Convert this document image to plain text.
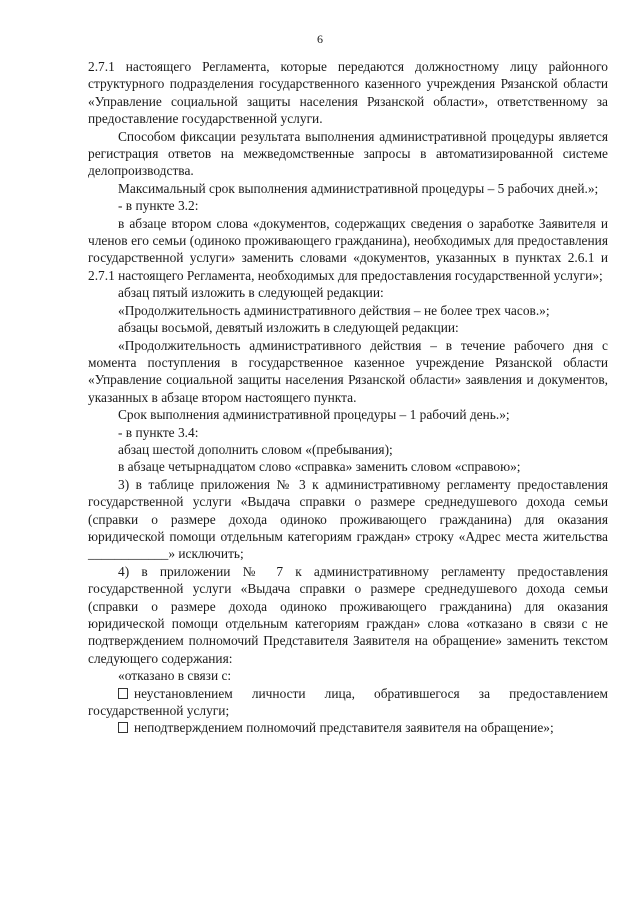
6

2.7.1 настоящего Регламента, которые передаются должностному лицу районного структурного подразделения государственного казенного учреждения Рязанской области «Управление социальной защиты населения Рязанской области», ответственному за предоставление государственной услуги.

Способом фиксации результата выполнения административной процедуры является регистрация ответов на межведомственные запросы в автоматизированной системе делопроизводства.

Максимальный срок выполнения административной процедуры – 5 рабочих дней.»;

- в пункте 3.2:

в абзаце втором слова «документов, содержащих сведения о заработке Заявителя и членов его семьи (одиноко проживающего гражданина), необходимых для предоставления государственной услуги» заменить словами «документов, указанных в пунктах 2.6.1 и 2.7.1 настоящего Регламента, необходимых для предоставления государственной услуги»;

абзац пятый изложить в следующей редакции:

«Продолжительность административного действия – не более трех часов.»;

абзацы восьмой, девятый изложить в следующей редакции:

«Продолжительность административного действия – в течение рабочего дня с момента поступления в государственное казенное учреждение Рязанской области «Управление социальной защиты населения Рязанской области» заявления и документов, указанных в абзаце втором настоящего пункта.

Срок выполнения административной процедуры – 1 рабочий день.»;

- в пункте 3.4:

абзац шестой дополнить словом «(пребывания);

в абзаце четырнадцатом слово «справка» заменить словом «справою»;

3) в таблице приложения № 3 к административному регламенту предоставления государственной услуги «Выдача справки о размере среднедушевого дохода семьи (справки о размере дохода одиноко проживающего гражданина) для оказания юридической помощи отдельным категориям граждан» строку «Адрес места жительства ____________» исключить;

4) в приложении № 7 к административному регламенту предоставления государственной услуги «Выдача справки о размере среднедушевого дохода семьи (справки о размере дохода одиноко проживающего гражданина) для оказания юридической помощи отдельным категориям граждан» слова «отказано в связи с не подтверждением полномочий Представителя Заявителя на обращение» заменить текстом следующего содержания:

«отказано в связи с:

неустановлением личности лица, обратившегося за предоставлением государственной услуги;

неподтверждением полномочий представителя заявителя на обращение»;
